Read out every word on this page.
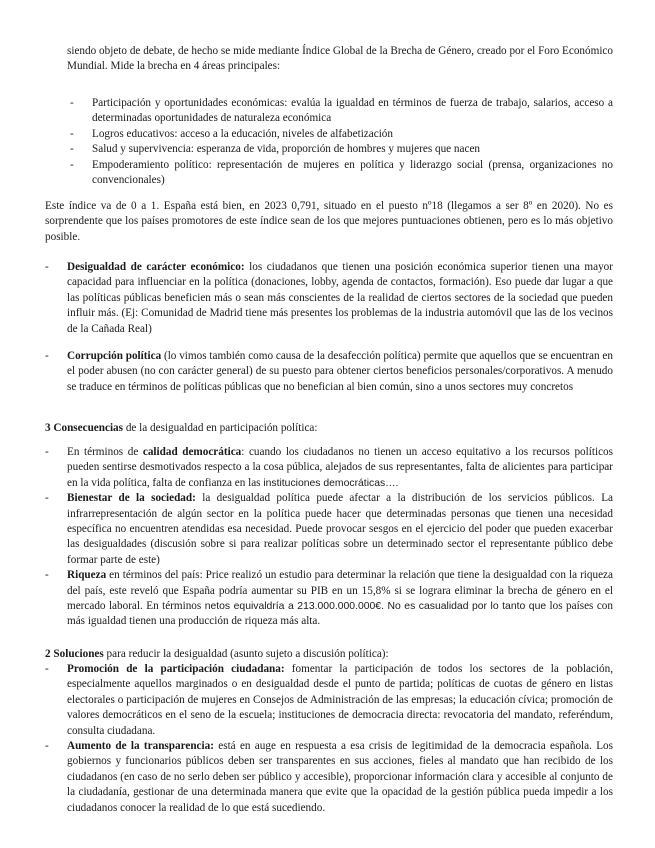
siendo objeto de debate, de hecho se mide mediante Índice Global de la Brecha de Género, creado por el Foro Económico Mundial. Mide la brecha en 4 áreas principales:

- Participación y oportunidades económicas: evalúa la igualdad en términos de fuerza de trabajo, salarios, acceso a determinadas oportunidades de naturaleza económica
- Logros educativos: acceso a la educación, niveles de alfabetización
- Salud y supervivencia: esperanza de vida, proporción de hombres y mujeres que nacen
- Empoderamiento político: representación de mujeres en política y liderazgo social (prensa, organizaciones no convencionales)

Este índice va de 0 a 1. España está bien, en 2023 0,791, situado en el puesto nº18 (llegamos a ser 8º en 2020). No es sorprendente que los países promotores de este índice sean de los que mejores puntuaciones obtienen, pero es lo más objetivo posible.

- Desigualdad de carácter económico: los ciudadanos que tienen una posición económica superior tienen una mayor capacidad para influenciar en la política (donaciones, lobby, agenda de contactos, formación). Eso puede dar lugar a que las políticas públicas beneficien más o sean más conscientes de la realidad de ciertos sectores de la sociedad que pueden influir más. (Ej: Comunidad de Madrid tiene más presentes los problemas de la industria automóvil que las de los vecinos de la Cañada Real)
- Corrupción política (lo vimos también como causa de la desafección política) permite que aquellos que se encuentran en el poder abusen (no con carácter general) de su puesto para obtener ciertos beneficios personales/corporativos. A menudo se traduce en términos de políticas públicas que no benefician al bien común, sino a unos sectores muy concretos

3 Consecuencias de la desigualdad en participación política:

- En términos de calidad democrática: cuando los ciudadanos no tienen un acceso equitativo a los recursos políticos pueden sentirse desmotivados respecto a la cosa pública, alejados de sus representantes, falta de alicientes para participar en la vida política, falta de confianza en las instituciones democráticas….
- Bienestar de la sociedad: la desigualdad política puede afectar a la distribución de los servicios públicos. La infrarrepresentación de algún sector en la política puede hacer que determinadas personas que tienen una necesidad específica no encuentren atendidas esa necesidad. Puede provocar sesgos en el ejercicio del poder que pueden exacerbar las desigualdades (discusión sobre si para realizar políticas sobre un determinado sector el representante público debe formar parte de este)
- Riqueza en términos del país: Price realizó un estudio para determinar la relación que tiene la desigualdad con la riqueza del país, este reveló que España podría aumentar su PIB en un 15,8% si se lograra eliminar la brecha de género en el mercado laboral. En términos netos equivaldría a 213.000.000.000€. No es casualidad por lo tanto que los países con más igualdad tienen una producción de riqueza más alta.

2 Soluciones para reducir la desigualdad (asunto sujeto a discusión política):

- Promoción de la participación ciudadana: fomentar la participación de todos los sectores de la población, especialmente aquellos marginados o en desigualdad desde el punto de partida; políticas de cuotas de género en listas electorales o participación de mujeres en Consejos de Administración de las empresas; la educación cívica; promoción de valores democráticos en el seno de la escuela; instituciones de democracia directa: revocatoria del mandato, referéndum, consulta ciudadana.
- Aumento de la transparencia: está en auge en respuesta a esa crisis de legitimidad de la democracia española. Los gobiernos y funcionarios públicos deben ser transparentes en sus acciones, fieles al mandato que han recibido de los ciudadanos (en caso de no serlo deben ser público y accesible), proporcionar información clara y accesible al conjunto de la ciudadanía, gestionar de una determinada manera que evite que la opacidad de la gestión pública pueda impedir a los ciudadanos conocer la realidad de lo que está sucediendo.
